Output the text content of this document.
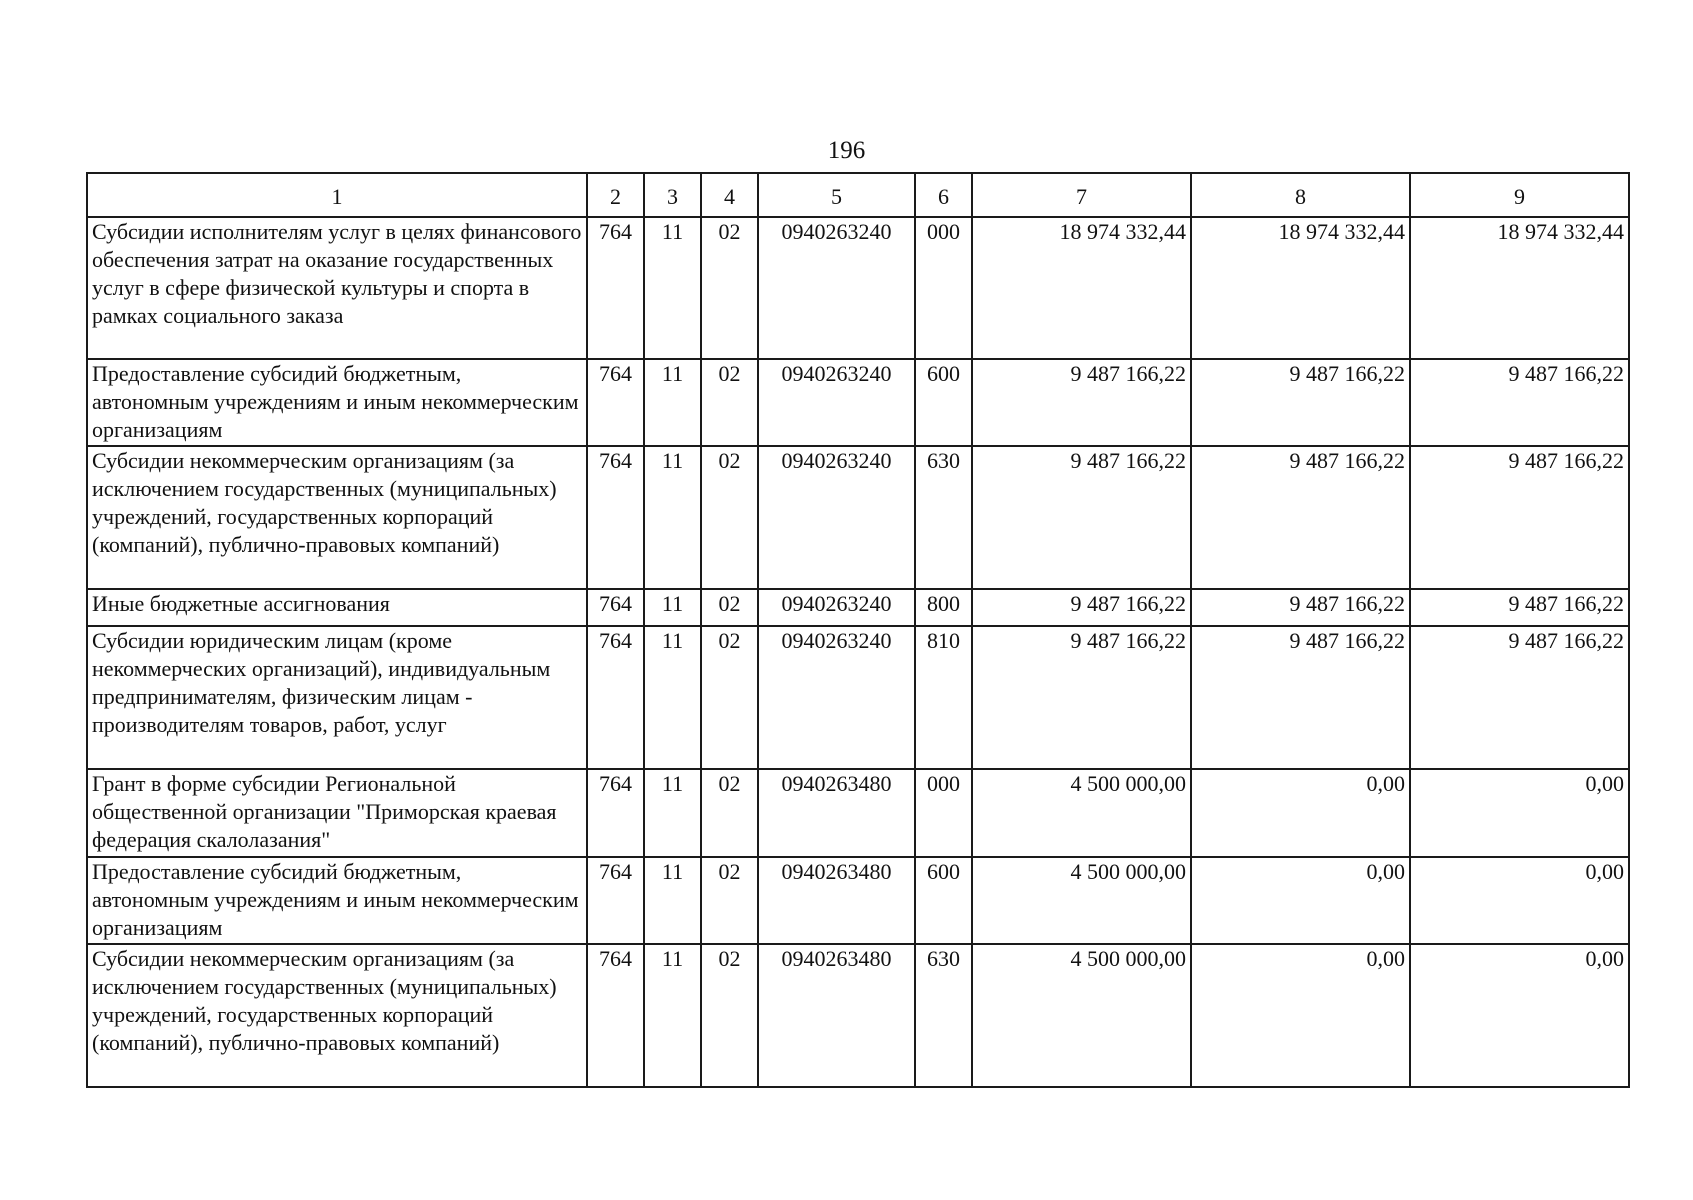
196
1	2	3	4	5	6	7	8	9
Субсидии исполнителям услуг в целях финансового обеспечения затрат на оказание государственных услуг в сфере физической культуры и спорта в рамках социального заказа	764	11	02	0940263240	000	18 974 332,44	18 974 332,44	18 974 332,44
Предоставление субсидий бюджетным, автономным учреждениям и иным некоммерческим организациям	764	11	02	0940263240	600	9 487 166,22	9 487 166,22	9 487 166,22
Субсидии некоммерческим организациям (за исключением государственных (муниципальных) учреждений, государственных корпораций (компаний), публично-правовых компаний)	764	11	02	0940263240	630	9 487 166,22	9 487 166,22	9 487 166,22
Иные бюджетные ассигнования	764	11	02	0940263240	800	9 487 166,22	9 487 166,22	9 487 166,22
Субсидии юридическим лицам (кроме некоммерческих организаций), индивидуальным предпринимателям, физическим лицам - производителям товаров, работ, услуг	764	11	02	0940263240	810	9 487 166,22	9 487 166,22	9 487 166,22
Грант в форме субсидии Региональной общественной организации "Приморская краевая федерация скалолазания"	764	11	02	0940263480	000	4 500 000,00	0,00	0,00
Предоставление субсидий бюджетным, автономным учреждениям и иным некоммерческим организациям	764	11	02	0940263480	600	4 500 000,00	0,00	0,00
Субсидии некоммерческим организациям (за исключением государственных (муниципальных) учреждений, государственных корпораций (компаний), публично-правовых компаний)	764	11	02	0940263480	630	4 500 000,00	0,00	0,00
